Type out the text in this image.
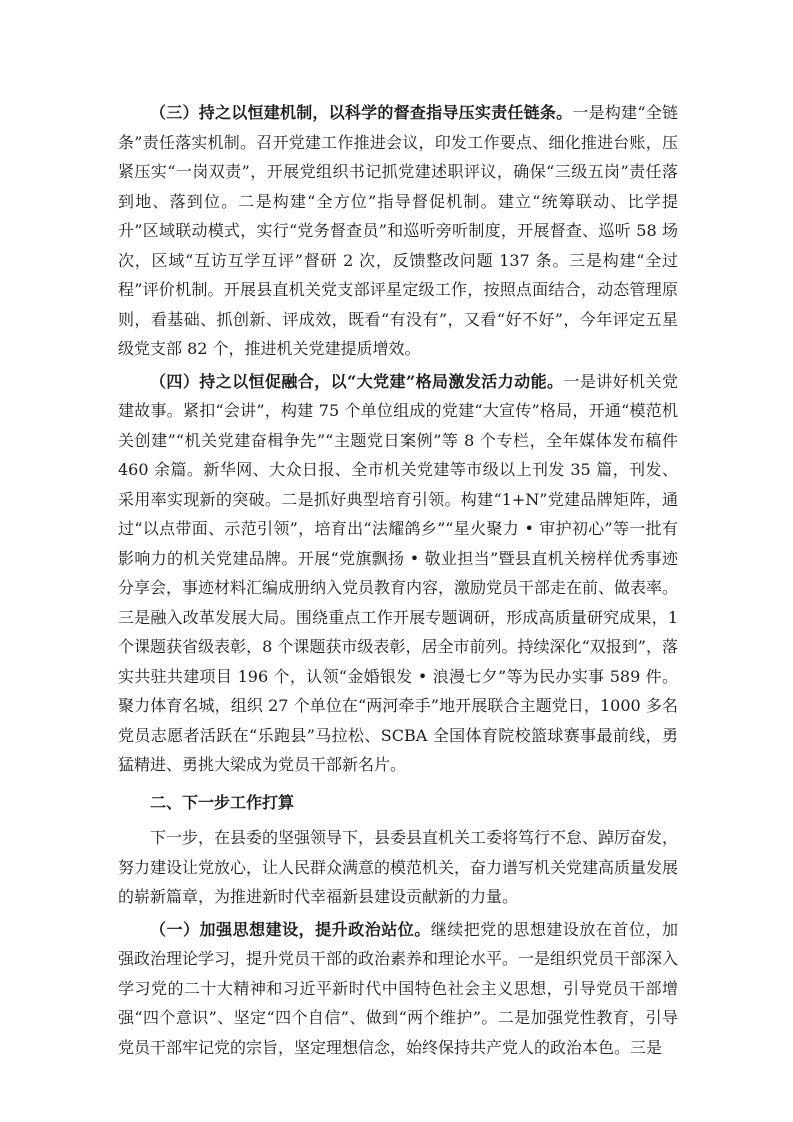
（三）持之以恒建机制，以科学的督查指导压实责任链条。一是构建“全链条”责任落实机制。召开党建工作推进会议，印发工作要点、细化推进台账，压紧压实“一岗双责”，开展党组织书记抓党建述职评议，确保“三级五岗”责任落到地、落到位。二是构建“全方位”指导督促机制。建立“统筹联动、比学提升”区域联动模式，实行“党务督查员”和巡听旁听制度，开展督查、巡听 58 场次，区域“互访互学互评”督研 2 次，反馈整改问题 137 条。三是构建“全过程”评价机制。开展县直机关党支部评星定级工作，按照点面结合，动态管理原则，看基础、抓创新、评成效，既看“有没有”，又看“好不好”，今年评定五星级党支部 82 个，推进机关党建提质增效。

（四）持之以恒促融合，以“大党建”格局激发活力动能。一是讲好机关党建故事。紧扣“会讲”，构建 75 个单位组成的党建“大宣传”格局，开通“模范机关创建”“机关党建奋楫争先”“主题党日案例”等 8 个专栏，全年媒体发布稿件 460 余篇。新华网、大众日报、全市机关党建等市级以上刊发 35 篇，刊发、采用率实现新的突破。二是抓好典型培育引领。构建“1+N”党建品牌矩阵，通过“以点带面、示范引领”，培育出“法耀鸽乡”“星火聚力 • 审护初心”等一批有影响力的机关党建品牌。开展“党旗飘扬 • 敬业担当”暨县直机关榜样优秀事迹分享会，事迹材料汇编成册纳入党员教育内容，激励党员干部走在前、做表率。三是融入改革发展大局。围绕重点工作开展专题调研，形成高质量研究成果，1 个课题获省级表彰，8 个课题获市级表彰，居全市前列。持续深化“双报到”，落实共驻共建项目 196 个，认领“金婚银发 • 浪漫七夕”等为民办实事 589 件。聚力体育名城，组织 27 个单位在“两河牵手”地开展联合主题党日，1000 多名党员志愿者活跃在“乐跑县”马拉松、SCBA 全国体育院校篮球赛事最前线，勇猛精进、勇挑大梁成为党员干部新名片。

二、下一步工作打算

下一步，在县委的坚强领导下，县委县直机关工委将笃行不怠、踔厉奋发，努力建设让党放心，让人民群众满意的模范机关，奋力谱写机关党建高质量发展的崭新篇章，为推进新时代幸福新县建设贡献新的力量。

（一）加强思想建设，提升政治站位。继续把党的思想建设放在首位，加强政治理论学习，提升党员干部的政治素养和理论水平。一是组织党员干部深入学习党的二十大精神和习近平新时代中国特色社会主义思想，引导党员干部增强“四个意识”、坚定“四个自信”、做到“两个维护”。二是加强党性教育，引导党员干部牢记党的宗旨，坚定理想信念，始终保持共产党人的政治本色。三是
